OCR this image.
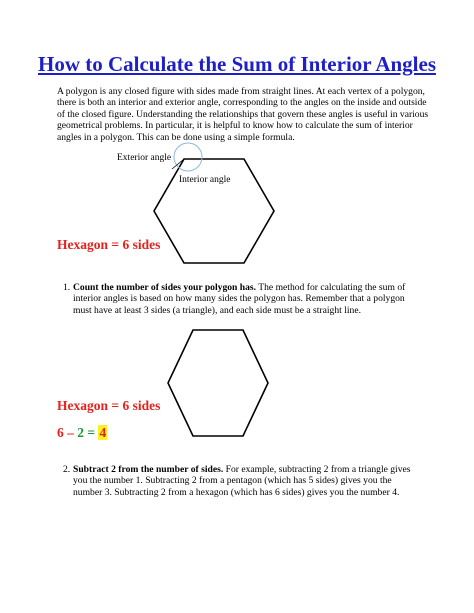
How to Calculate the Sum of Interior Angles
A polygon is any closed figure with sides made from straight lines. At each vertex of a polygon, there is both an interior and exterior angle, corresponding to the angles on the inside and outside of the closed figure. Understanding the relationships that govern these angles is useful in various geometrical problems. In particular, it is helpful to know how to calculate the sum of interior angles in a polygon. This can be done using a simple formula.
Exterior angle
Interior angle
Hexagon = 6 sides
1. Count the number of sides your polygon has. The method for calculating the sum of interior angles is based on how many sides the polygon has. Remember that a polygon must have at least 3 sides (a triangle), and each side must be a straight line.
Hexagon = 6 sides
6 – 2 = 4
2. Subtract 2 from the number of sides. For example, subtracting 2 from a triangle gives you the number 1. Subtracting 2 from a pentagon (which has 5 sides) gives you the number 3. Subtracting 2 from a hexagon (which has 6 sides) gives you the number 4.
